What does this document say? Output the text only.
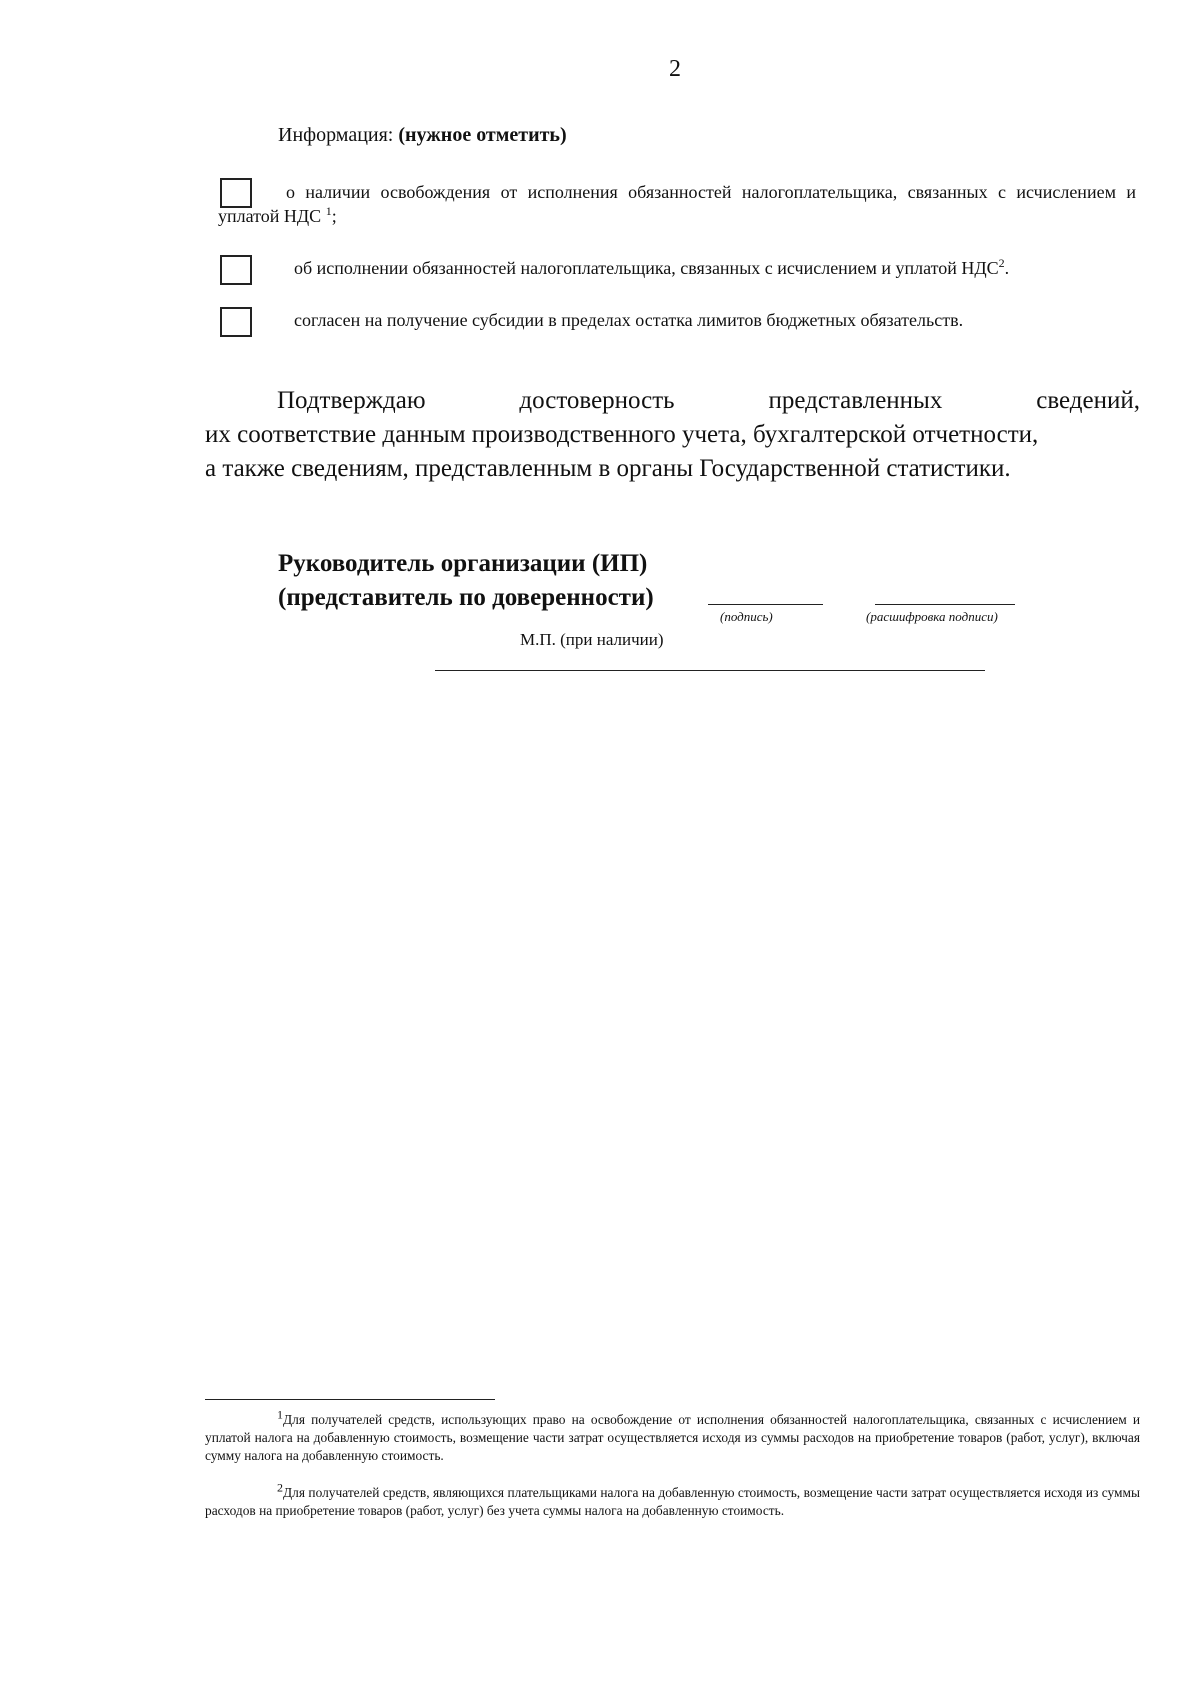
2
Информация: (нужное отметить)
о наличии освобождения от исполнения обязанностей налогоплательщика, связанных с исчислением и уплатой НДС $^1$;
об исполнении обязанностей налогоплательщика, связанных с исчислением и уплатой НДС$^2$.
согласен на получение субсидии в пределах остатка лимитов бюджетных обязательств.
Подтверждаю	достоверность	представленных	сведений,
их соответствие данным производственного учета, бухгалтерской отчетности,
а также сведениям, представленным в органы Государственной статистики.
Руководитель организации (ИП)
(представитель по доверенности)
(подпись)	(расшифровка подписи)
М.П. (при наличии)
1Для получателей средств, использующих право на освобождение от исполнения обязанностей налогоплательщика, связанных с исчислением и уплатой налога на добавленную стоимость, возмещение части затрат осуществляется исходя из суммы расходов на приобретение товаров (работ, услуг), включая сумму налога на добавленную стоимость.
2Для получателей средств, являющихся плательщиками налога на добавленную стоимость, возмещение части затрат осуществляется исходя из суммы расходов на приобретение товаров (работ, услуг) без учета суммы налога на добавленную стоимость.
